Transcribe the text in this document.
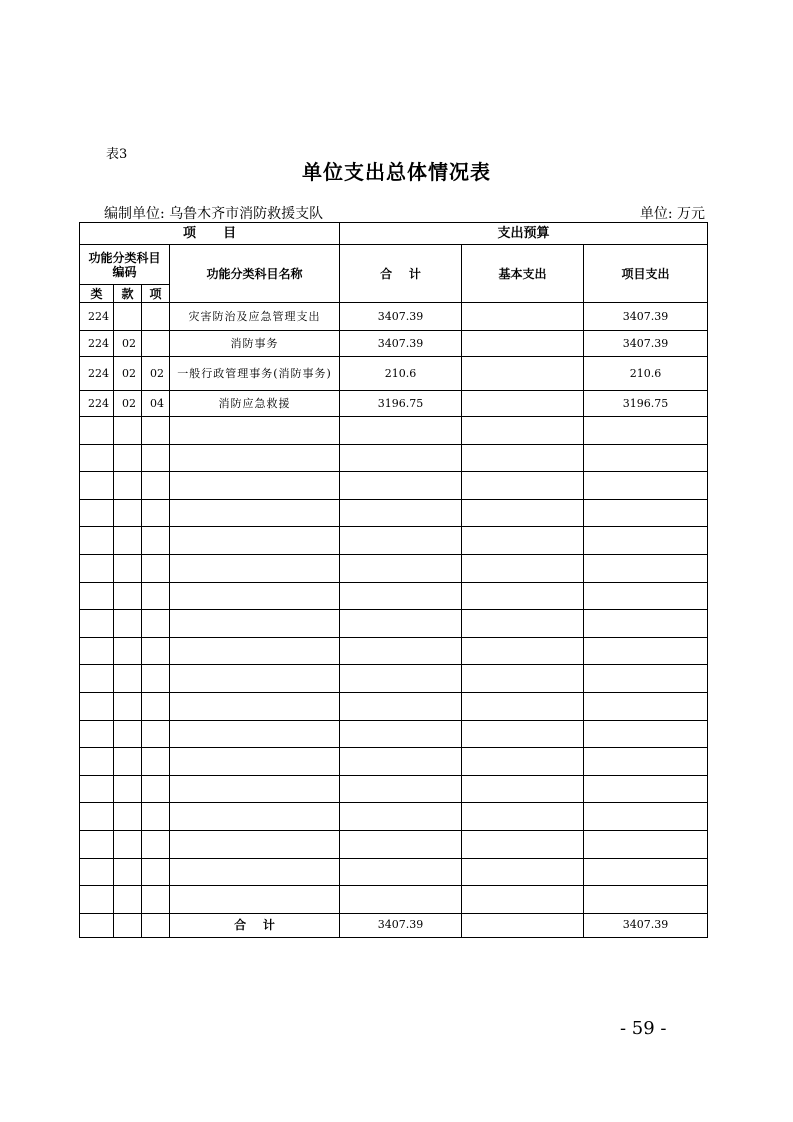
表3
单位支出总体情况表
编制单位: 乌鲁木齐市消防救援支队	单位: 万元
项      目				支出预算		
功能分类科目编码			功能分类科目名称	合    计	基本支出	项目支出
类	款	项				
224			灾害防治及应急管理支出	3407.39		3407.39
224	02		消防事务	3407.39		3407.39
224	02	02	一般行政管理事务(消防事务)	210.6		210.6
224	02	04	消防应急救援	3196.75		3196.75

			合    计	3407.39		3407.39
- 59 -
